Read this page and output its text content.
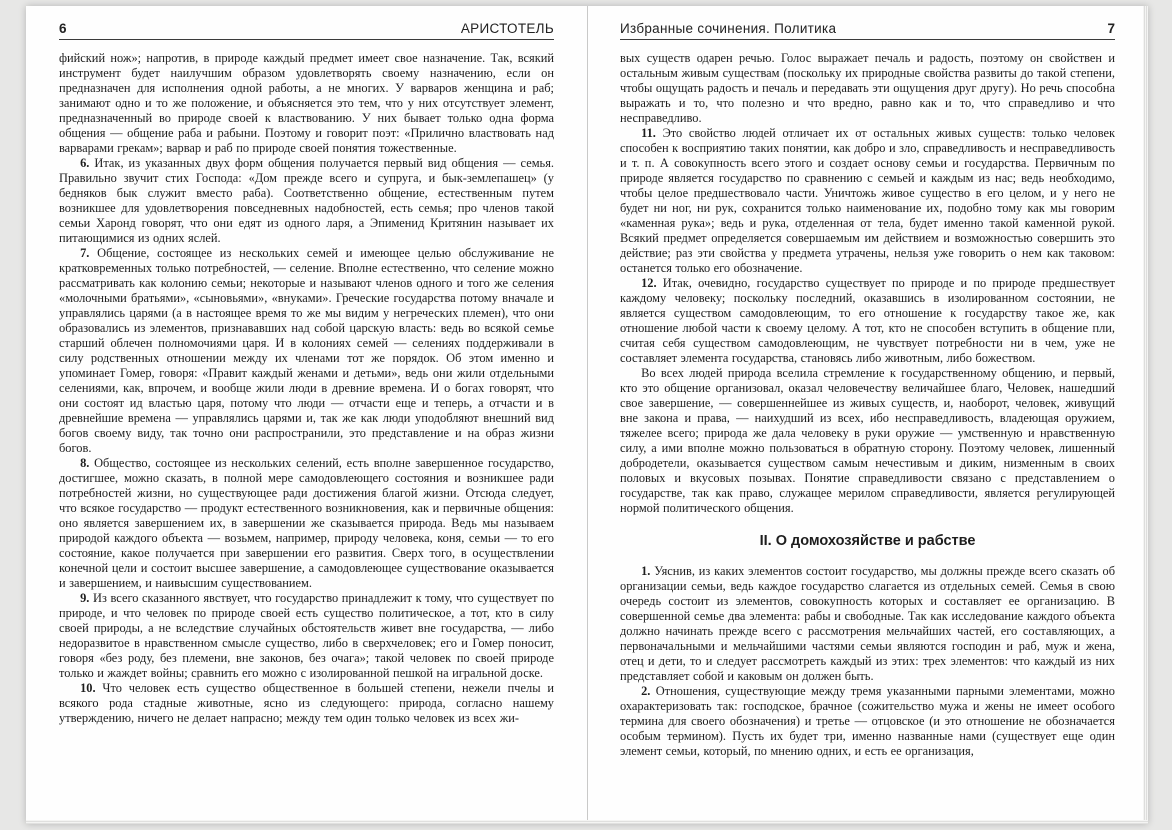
6	АРИСТОТЕЛЬ

фийский нож»; напротив, в природе каждый предмет имеет свое назначение. Так, всякий инструмент будет наилучшим образом удовлетворять своему назначению, если он предназначен для исполнения одной работы, а не многих. У варваров женщина и раб; занимают одно и то же положение, и объясняется это тем, что у них отсутствует элемент, предназначенный во природе своей к властвованию. У них бывает только одна форма общения — общение раба и рабыни. Поэтому и говорит поэт: «Прилично властвовать над варварами грекам»; варвар и раб по природе своей понятия тожественные.

6. Итак, из указанных двух форм общения получается первый вид общения — семья. Правильно звучит стих Господа: «Дом прежде всего и супруга, и бык-землепашец» (у бедняков бык служит вместо раба). Соответственно общение, естественным путем возникшее для удовлетворения повседневных надобностей, есть семья; про членов такой семьи Харонд говорят, что они едят из одного ларя, а Эпименид Критянин называет их питающимися из одних яслей.

7. Общение, состоящее из нескольких семей и имеющее целью обслуживание не кратковременных только потребностей, — селение. Вполне естественно, что селение можно рассматривать как колонию семьи; некоторые и называют членов одного и того же селения «молочными братьями», «сыновьями», «внуками». Греческие государства потому вначале и управлялись царями (а в настоящее время то же мы видим у негреческих племен), что они образовались из элементов, признававших над собой царскую власть: ведь во всякой семье старший облечен полномочиями царя. И в колониях семей — селениях поддерживали в силу родственных отношении между их членами тот же порядок. Об этом именно и упоминает Гомер, говоря: «Правит каждый женами и детьми», ведь они жили отдельными селениями, как, впрочем, и вообще жили люди в древние времена. И о богах говорят, что они состоят ид властью царя, потому что люди — отчасти еще и теперь, а отчасти и в древнейшие времена — управлялись царями и, так же как люди уподобляют внешний вид богов своему виду, так точно они распространили, это представление и на образ жизни богов.

8. Общество, состоящее из нескольких селений, есть вполне завершенное государство, достигшее, можно сказать, в полной мере самодовлеющего состояния и возникшее ради потребностей жизни, но существующее ради достижения благой жизни. Отсюда следует, что всякое государство — продукт естественного возникновения, как и первичные общения: оно является завершением их, в завершении же сказывается природа. Ведь мы называем природой каждого объекта — возьмем, например, природу человека, коня, семьи — то его состояние, какое получается при завершении его развития. Сверх того, в осуществлении конечной цели и состоит высшее завершение, а самодовлеющее существование оказывается и завершением, и наивысшим существованием.

9. Из всего сказанного явствует, что государство принадлежит к тому, что существует по природе, и что человек по природе своей есть существо политическое, а тот, кто в силу своей природы, а не вследствие случайных обстоятельств живет вне государства, — либо недоразвитое в нравственном смысле существо, либо в сверхчеловек; его и Гомер поносит, говоря «без роду, без племени, вне законов, без очага»; такой человек по своей природе только и жаждет войны; сравнить его можно с изолированной пешкой на игральной доске.

10. Что человек есть существо общественное в большей степени, нежели пчелы и всякого рода стадные животные, ясно из следующего: природа, согласно нашему утверждению, ничего не делает напрасно; между тем один только человек из всех жи-

Избранные сочинения. Политика	7

вых существ одарен речью. Голос выражает печаль и радость, поэтому он свойствен и остальным живым существам (поскольку их природные свойства развиты до такой степени, чтобы ощущать радость и печаль и передавать эти ощущения друг другу). Но речь способна выражать и то, что полезно и что вредно, равно как и то, что справедливо и что несправедливо.

11. Это свойство людей отличает их от остальных живых существ: только человек способен к восприятию таких понятии, как добро и зло, справедливость и несправедливость и т. п. А совокупность всего этого и создает основу семьи и государства. Первичным по природе является государство по сравнению с семьей и каждым из нас; ведь необходимо, чтобы целое предшествовало части. Уничтожь живое существо в его целом, и у него не будет ни ног, ни рук, сохранится только наименование их, подобно тому как мы говорим «каменная рука»; ведь и рука, отделенная от тела, будет именно такой каменной рукой. Всякий предмет определяется совершаемым им действием и возможностью совершить это действие; раз эти свойства у предмета утрачены, нельзя уже говорить о нем как таковом: останется только его обозначение.

12. Итак, очевидно, государство существует по природе и по природе предшествует каждому человеку; поскольку последний, оказавшись в изолированном состоянии, не является существом самодовлеющим, то его отношение к государству такое же, как отношение любой части к своему целому. А тот, кто не способен вступить в общение пли, считая себя существом самодовлеющим, не чувствует потребности ни в чем, уже не составляет элемента государства, становясь либо животным, либо божеством.

Во всех людей природа вселила стремление к государственному общению, и первый, кто это общение организовал, оказал человечеству величайшее благо, Человек, нашедший свое завершение, — совершеннейшее из живых существ, и, наоборот, человек, живущий вне закона и права, — наихудший из всех, ибо несправедливость, владеющая оружием, тяжелее всего; природа же дала человеку в руки оружие — умственную и нравственную силу, а ими вполне можно пользоваться в обратную сторону. Поэтому человек, лишенный добродетели, оказывается существом самым нечестивым и диким, низменным в своих половых и вкусовых позывах. Понятие справедливости связано с представлением о государстве, так как право, служащее мерилом справедливости, является регулирующей нормой политического общения.

II. О домохозяйстве и рабстве

1. Уяснив, из каких элементов состоит государство, мы должны прежде всего сказать об организации семьи, ведь каждое государство слагается из отдельных семей. Семья в свою очередь состоит из элементов, совокупность которых и составляет ее организацию. В совершенной семье два элемента: рабы и свободные. Так как исследование каждого объекта должно начинать прежде всего с рассмотрения мельчайших частей, его составляющих, а первоначальными и мельчайшими частями семьи являются господин и раб, муж и жена, отец и дети, то и следует рассмотреть каждый из этих: трех элементов: что каждый из них представляет собой и каковым он должен быть.

2. Отношения, существующие между тремя указанными парными элементами, можно охарактеризовать так: господское, брачное (сожительство мужа и жены не имеет особого термина для своего обозначения) и третье — отцовское (и это отношение не обозначается особым термином). Пусть их будет три, именно названные нами (существует еще один элемент семьи, который, по мнению одних, и есть ее организация,
